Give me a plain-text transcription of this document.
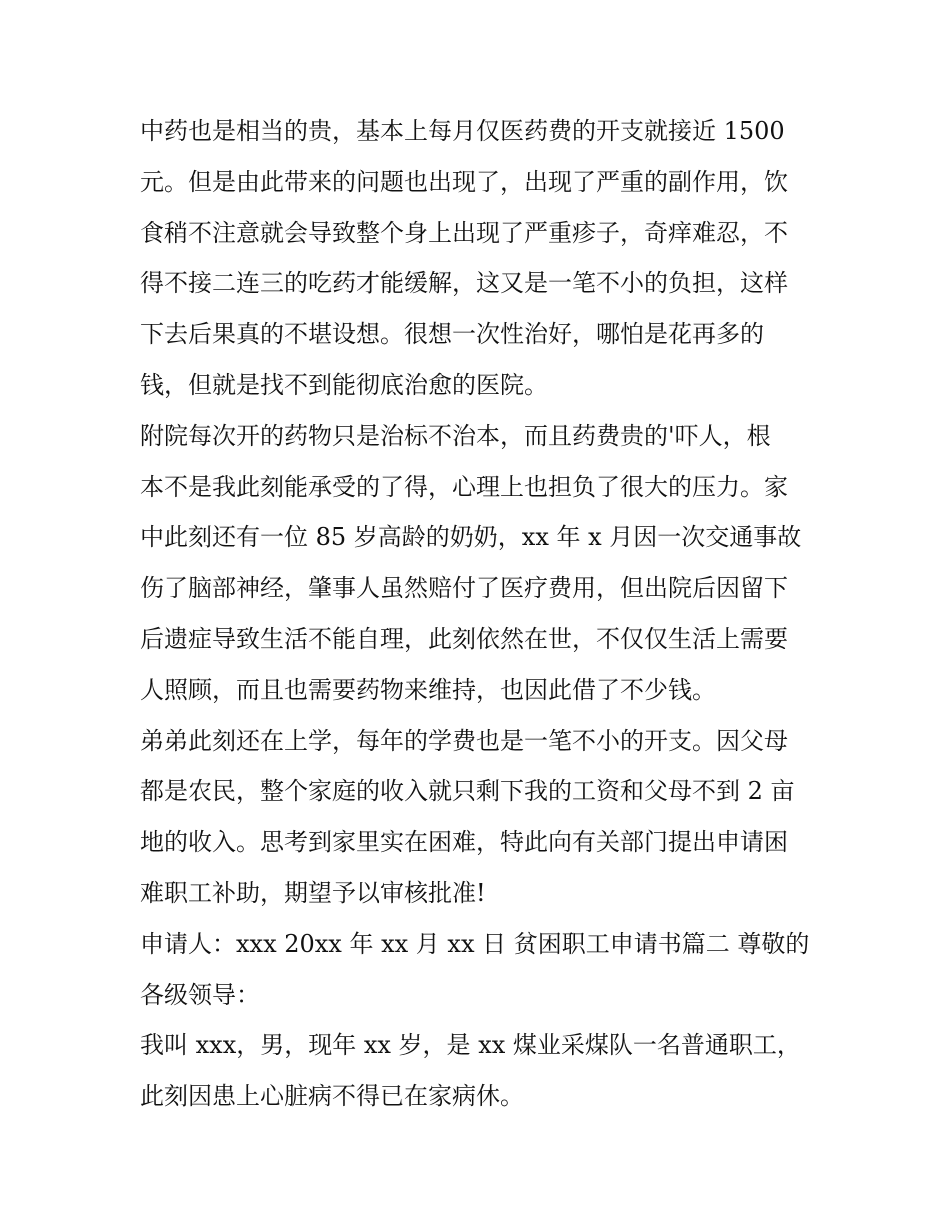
中药也是相当的贵，基本上每月仅医药费的开支就接近 1500
元。但是由此带来的问题也出现了，出现了严重的副作用，饮
食稍不注意就会导致整个身上出现了严重疹子，奇痒难忍，不
得不接二连三的吃药才能缓解，这又是一笔不小的负担，这样
下去后果真的不堪设想。很想一次性治好，哪怕是花再多的
钱，但就是找不到能彻底治愈的医院。
附院每次开的药物只是治标不治本，而且药费贵的'吓人，根
本不是我此刻能承受的了得，心理上也担负了很大的压力。家
中此刻还有一位 85 岁高龄的奶奶，xx 年 x 月因一次交通事故
伤了脑部神经，肇事人虽然赔付了医疗费用，但出院后因留下
后遗症导致生活不能自理，此刻依然在世，不仅仅生活上需要
人照顾，而且也需要药物来维持，也因此借了不少钱。
弟弟此刻还在上学，每年的学费也是一笔不小的开支。因父母
都是农民，整个家庭的收入就只剩下我的工资和父母不到 2 亩
地的收入。思考到家里实在困难，特此向有关部门提出申请困
难职工补助，期望予以审核批准!
申请人：xxx 20xx 年 xx 月 xx 日 贫困职工申请书篇二 尊敬的
各级领导：
我叫 xxx，男，现年 xx 岁，是 xx 煤业采煤队一名普通职工，
此刻因患上心脏病不得已在家病休。
